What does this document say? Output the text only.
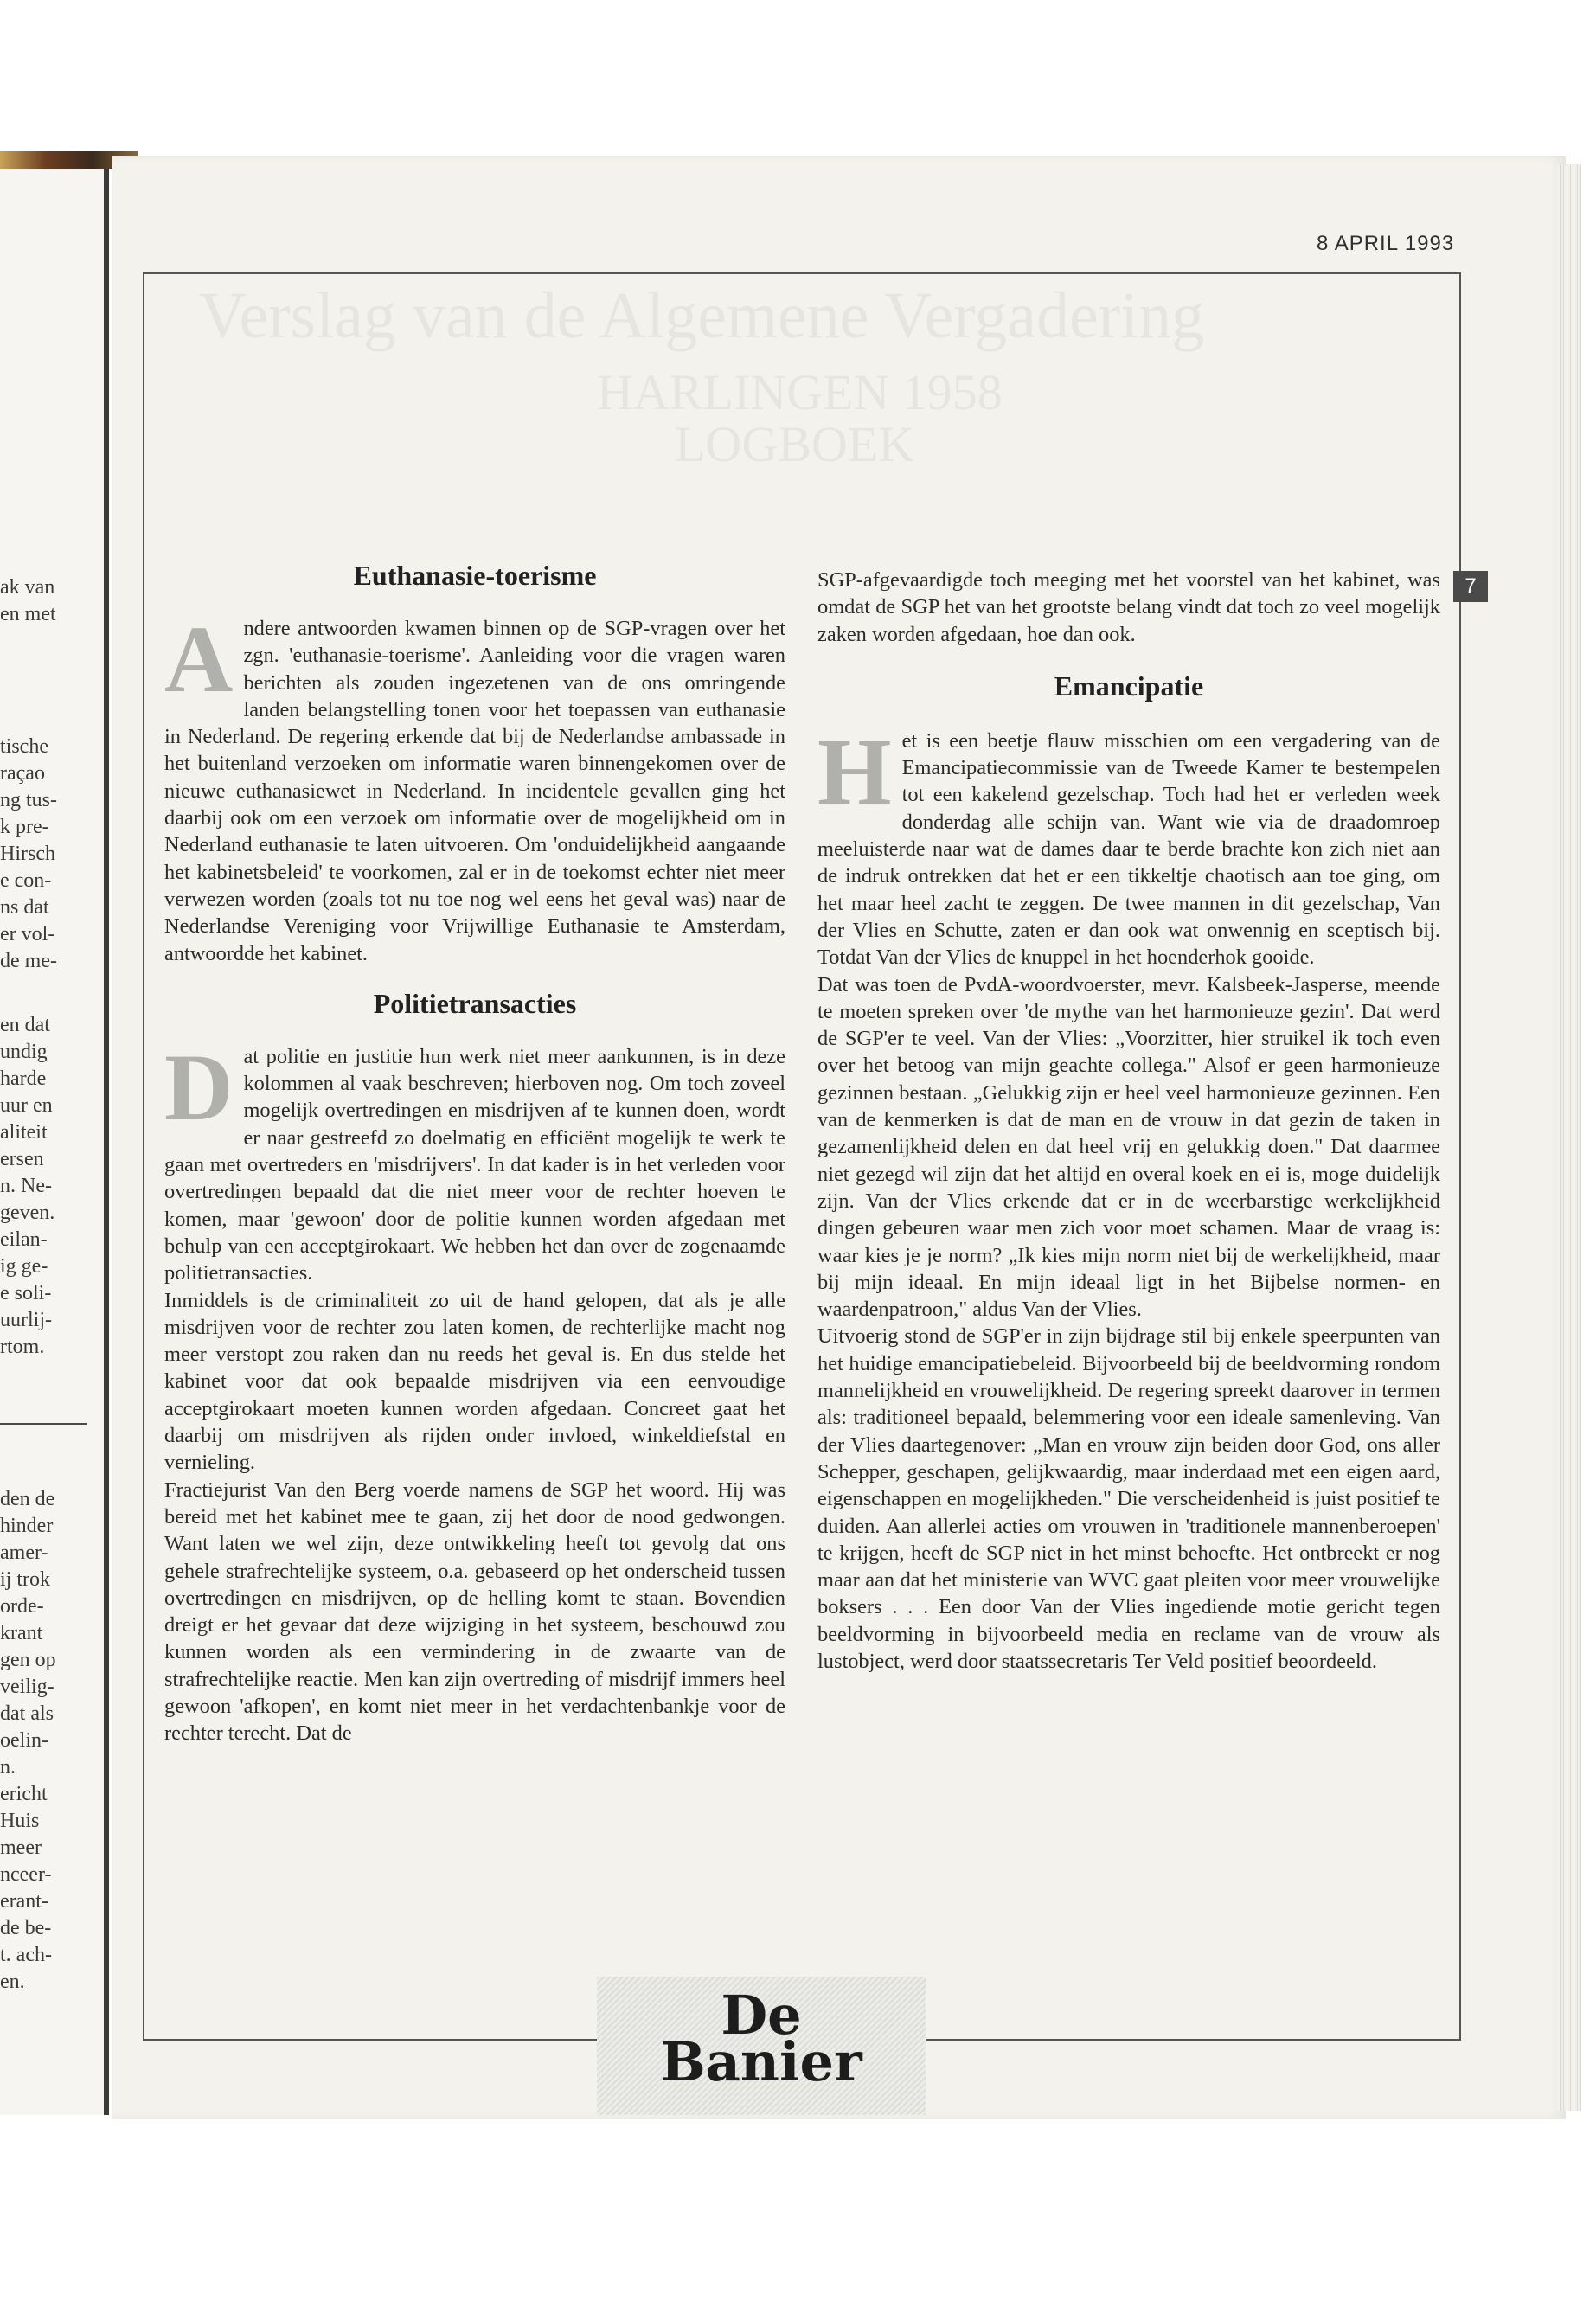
ak van
en met
tische
raçao
ng tus-
k pre-
Hirsch
e con-
ns dat
er vol-
de me-
en dat
undig
harde
uur en
aliteit
ersen
n. Ne-
geven.
eilan-
ig ge-
e soli-
uurlij-
rtom.
den de
hinder
amer-
ij trok
orde-
krant
gen op
veilig-
dat als
oelin-
n.
ericht
Huis
meer
nceer-
erant-
de be-
t. ach-
en.
8 APRIL 1993
Verslag van de Algemene Vergadering
HARLINGEN 1958
LOGBOEK
7
Euthanasie-toerisme

Andere antwoorden kwamen binnen op de SGP-vragen over het zgn. 'euthanasie-toerisme'. Aanleiding voor die vragen waren berichten als zouden ingezetenen van de ons omringende landen belangstelling tonen voor het toepassen van euthanasie in Nederland. De regering erkende dat bij de Nederlandse ambassade in het buitenland verzoeken om informatie waren binnengekomen over de nieuwe euthanasiewet in Nederland. In incidentele gevallen ging het daarbij ook om een verzoek om informatie over de mogelijkheid om in Nederland euthanasie te laten uitvoeren. Om 'onduidelijkheid aangaande het kabinetsbeleid' te voorkomen, zal er in de toekomst echter niet meer verwezen worden (zoals tot nu toe nog wel eens het geval was) naar de Nederlandse Vereniging voor Vrijwillige Euthanasie te Amsterdam, antwoordde het kabinet.

Politietransacties

Dat politie en justitie hun werk niet meer aankunnen, is in deze kolommen al vaak beschreven; hierboven nog. Om toch zoveel mogelijk overtredingen en misdrijven af te kunnen doen, wordt er naar gestreefd zo doelmatig en efficiënt mogelijk te werk te gaan met overtreders en 'misdrijvers'. In dat kader is in het verleden voor overtredingen bepaald dat die niet meer voor de rechter hoeven te komen, maar 'gewoon' door de politie kunnen worden afgedaan met behulp van een acceptgirokaart. We hebben het dan over de zogenaamde politietransacties.

Inmiddels is de criminaliteit zo uit de hand gelopen, dat als je alle misdrijven voor de rechter zou laten komen, de rechterlijke macht nog meer verstopt zou raken dan nu reeds het geval is. En dus stelde het kabinet voor dat ook bepaalde misdrijven via een eenvoudige acceptgirokaart moeten kunnen worden afgedaan. Concreet gaat het daarbij om misdrijven als rijden onder invloed, winkeldiefstal en vernieling.

Fractiejurist Van den Berg voerde namens de SGP het woord. Hij was bereid met het kabinet mee te gaan, zij het door de nood gedwongen. Want laten we wel zijn, deze ontwikkeling heeft tot gevolg dat ons gehele strafrechtelijke systeem, o.a. gebaseerd op het onderscheid tussen overtredingen en misdrijven, op de helling komt te staan. Bovendien dreigt er het gevaar dat deze wijziging in het systeem, beschouwd zou kunnen worden als een vermindering in de zwaarte van de strafrechtelijke reactie. Men kan zijn overtreding of misdrijf immers heel gewoon 'afkopen', en komt niet meer in het verdachtenbankje voor de rechter terecht. Dat de

SGP-afgevaardigde toch meeging met het voorstel van het kabinet, was omdat de SGP het van het grootste belang vindt dat toch zo veel mogelijk zaken worden afgedaan, hoe dan ook.

Emancipatie

Het is een beetje flauw misschien om een vergadering van de Emancipatiecommissie van de Tweede Kamer te bestempelen tot een kakelend gezelschap. Toch had het er verleden week donderdag alle schijn van. Want wie via de draadomroep meeluisterde naar wat de dames daar te berde brachte kon zich niet aan de indruk ontrekken dat het er een tikkeltje chaotisch aan toe ging, om het maar heel zacht te zeggen. De twee mannen in dit gezelschap, Van der Vlies en Schutte, zaten er dan ook wat onwennig en sceptisch bij. Totdat Van der Vlies de knuppel in het hoenderhok gooide.

Dat was toen de PvdA-woordvoerster, mevr. Kalsbeek-Jasperse, meende te moeten spreken over 'de mythe van het harmonieuze gezin'. Dat werd de SGP'er te veel. Van der Vlies: „Voorzitter, hier struikel ik toch even over het betoog van mijn geachte collega." Alsof er geen harmonieuze gezinnen bestaan. „Gelukkig zijn er heel veel harmonieuze gezinnen. Een van de kenmerken is dat de man en de vrouw in dat gezin de taken in gezamenlijkheid delen en dat heel vrij en gelukkig doen." Dat daarmee niet gezegd wil zijn dat het altijd en overal koek en ei is, moge duidelijk zijn. Van der Vlies erkende dat er in de weerbarstige werkelijkheid dingen gebeuren waar men zich voor moet schamen. Maar de vraag is: waar kies je je norm? „Ik kies mijn norm niet bij de werkelijkheid, maar bij mijn ideaal. En mijn ideaal ligt in het Bijbelse normen- en waardenpatroon," aldus Van der Vlies.

Uitvoerig stond de SGP'er in zijn bijdrage stil bij enkele speerpunten van het huidige emancipatiebeleid. Bijvoorbeeld bij de beeldvorming rondom mannelijkheid en vrouwelijkheid. De regering spreekt daarover in termen als: traditioneel bepaald, belemmering voor een ideale samenleving. Van der Vlies daartegenover: „Man en vrouw zijn beiden door God, ons aller Schepper, geschapen, gelijkwaardig, maar inderdaad met een eigen aard, eigenschappen en mogelijkheden." Die verscheidenheid is juist positief te duiden. Aan allerlei acties om vrouwen in 'traditionele mannenberoepen' te krijgen, heeft de SGP niet in het minst behoefte. Het ontbreekt er nog maar aan dat het ministerie van WVC gaat pleiten voor meer vrouwelijke boksers . . . Een door Van der Vlies ingediende motie gericht tegen beeldvorming in bijvoorbeeld media en reclame van de vrouw als lustobject, werd door staatssecretaris Ter Veld positief beoordeeld.

De
Banier
